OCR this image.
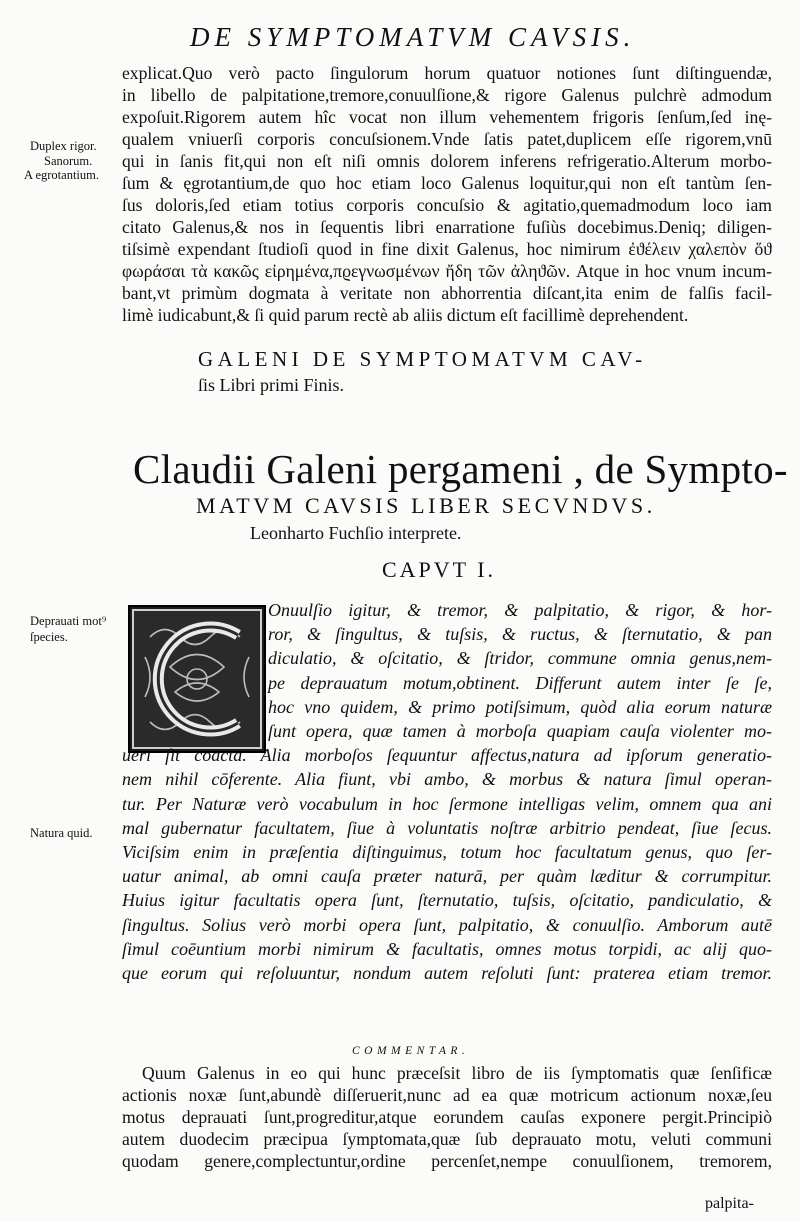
DE SYMPTOMATVM CAVSIS.
Duplex rigor.
Sanorum.
A egrotantium.
Deprauati mot⁹
ſpecies.
Natura quid.
explicat.Quo verò pacto ſingulorum horum quatuor notiones ſunt diſtinguendæ,
in libello de palpitatione,tremore,conuulſione,& rigore Galenus pulchrè admodum
expoſuit.Rigorem autem hîc vocat non illum vehementem frigoris ſenſum,ſed inę-
qualem vniuerſi corporis concuſsionem.Vnde ſatis patet,duplicem eſſe rigorem,vnū
qui in ſanis fit,qui non eſt niſi omnis dolorem inferens refrigeratio.Alterum morbo-
ſum & ęgrotantium,de quo hoc etiam loco Galenus loquitur,qui non eſt tantùm ſen-
ſus doloris,ſed etiam totius corporis concuſsio & agitatio,quemadmodum loco iam
citato Galenus,& nos in ſequentis libri enarratione fuſiùs docebimus.Deniq; diligen-
tiſsimè expendant ſtudioſi quod in fine dixit Galenus, hoc nimirum ἐϑέλειν χαλεπὸν ὅϑ
φωράσαι τὰ κακῶς εἰρημένα,πϱεγνωσμένων ἤδη τῶν ἀληϑῶν. Atque in hoc vnum incum-
bant,vt primùm dogmata à veritate non abhorrentia diſcant,ita enim de falſis facil-
limè iudicabunt,& ſi quid parum rectè ab aliis dictum eſt facillimè deprehendent.
GALENI DE SYMPTOMATVM CAV-
ſis Libri primi Finis.
Claudii Galeni pergameni , de Sympto-
MATVM CAVSIS LIBER SECVNDVS.
Leonharto Fuchſio interprete.
CAPVT I.
Onuulſio igitur, & tremor, & palpitatio, & rigor, & hor-
ror, & ſingultus, & tuſsis, & ructus, & ſternutatio, & pan
diculatio, & oſcitatio, & ſtridor, commune omnia genus,nem-
pe deprauatum motum,obtinent. Differunt autem inter ſe ſe,
hoc vno quidem, & primo potiſsimum, quòd alia eorum naturæ
ſunt opera, quæ tamen à morboſa quapiam cauſa violenter mo-
ueri ſit coacta. Alia morboſos ſequuntur affectus,natura ad ipſorum generatio-
nem nihil cōferente. Alia fiunt, vbi ambo, & morbus & natura ſimul operan-
tur. Per Naturæ verò vocabulum in hoc ſermone intelligas velim, omnem qua ani
mal gubernatur facultatem, ſiue à voluntatis noſtræ arbitrio pendeat, ſiue ſecus.
Viciſsim enim in præſentia diſtinguimus, totum hoc facultatum genus, quo ſer-
uatur animal, ab omni cauſa præter naturā, per quàm læditur & corrumpitur.
Huius igitur facultatis opera ſunt, ſternutatio, tuſsis, oſcitatio, pandiculatio, &
ſingultus. Solius verò morbi opera ſunt, palpitatio, & conuulſio. Amborum autē
ſimul coēuntium morbi nimirum & facultatis, omnes motus torpidi, ac alij quo-
que eorum qui reſoluuntur, nondum autem reſoluti ſunt: praterea etiam tremor.
COMMENTAR.
Quum Galenus in eo qui hunc præceſsit libro de iis ſymptomatis quæ ſenſificæ
actionis noxæ ſunt,abundè diſſeruerit,nunc ad ea quæ motricum actionum noxæ,ſeu
motus deprauati ſunt,progreditur,atque eorundem cauſas exponere pergit.Principiò
autem duodecim præcipua ſymptomata,quæ ſub deprauato motu, veluti communi
quodam genere,complectuntur,ordine percenſet,nempe conuulſionem, tremorem,
palpita-
